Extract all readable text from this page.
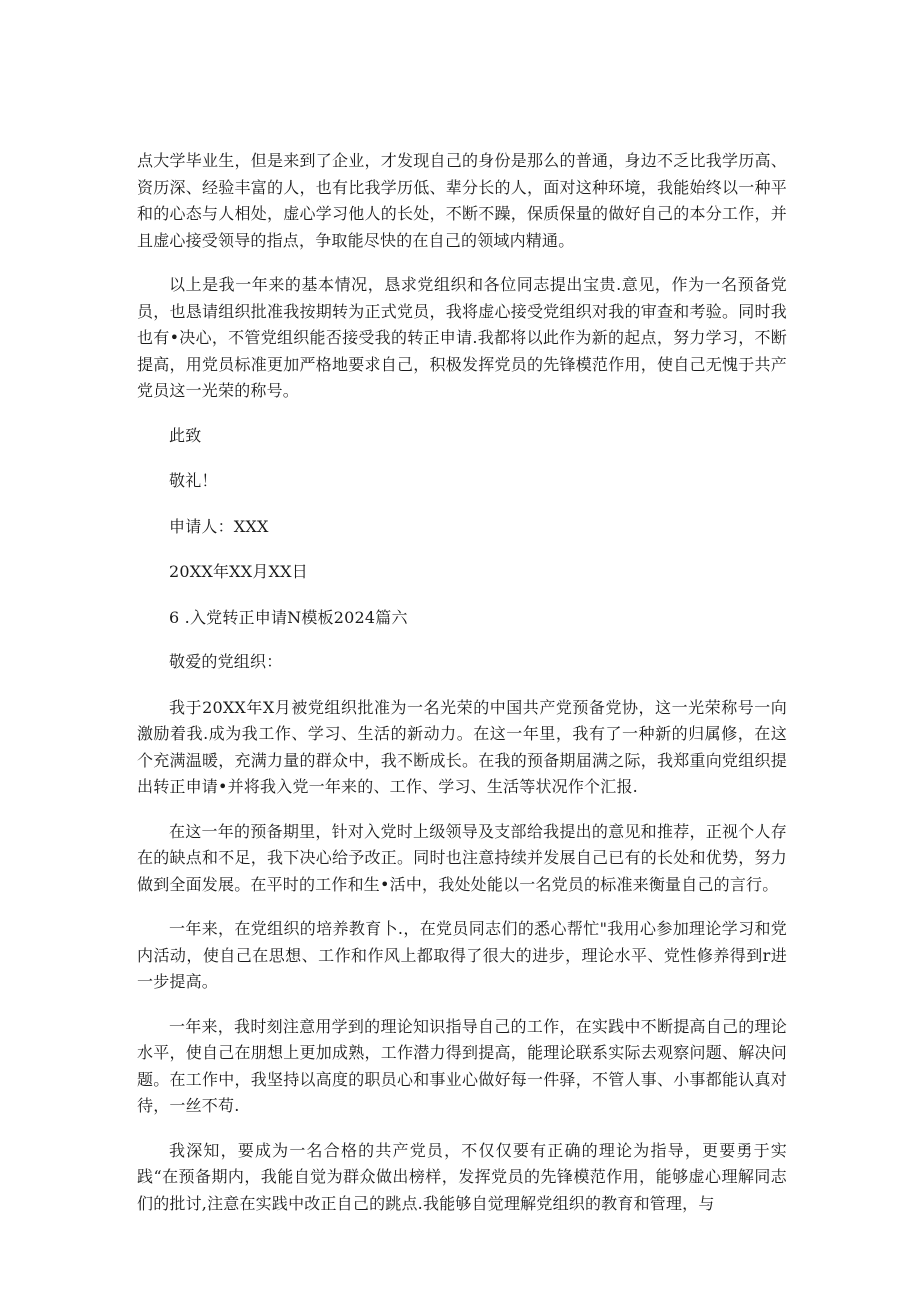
点大学毕业生，但是来到了企业，才发现自己的身份是那么的普通，身边不乏比我学历高、资历深、经验丰富的人，也有比我学历低、辈分长的人，面对这种环境，我能始终以一种平和的心态与人相处，虚心学习他人的长处，不断不躁，保质保量的做好自己的本分工作，并且虚心接受领导的指点，争取能尽快的在自己的领域内精通。

以上是我一年来的基本情况，恳求党组织和各位同志提出宝贵.意见，作为一名预备党员，也恳请组织批准我按期转为正式党员，我将虚心接受党组织对我的审查和考验。同时我也有•决心，不管党组织能否接受我的转正申请.我都将以此作为新的起点，努力学习，不断提高，用党员标准更加严格地要求自己，积极发挥党员的先锋模范作用，使自己无愧于共产党员这一光荣的称号。

此致

敬礼！

申请人：XXX

20XX年XX月XX日

6 .入党转正申请N模板2024篇六

敬爱的党组织：

我于20XX年X月被党组织批准为一名光荣的中国共产党预备党协，这一光荣称号一向激励着我.成为我工作、学习、生活的新动力。在这一年里，我有了一种新的归属修，在这个充满温暖，充满力量的群众中，我不断成长。在我的预备期届满之际，我郑重向党组织提出转正申请•并将我入党一年来的、工作、学习、生活等状况作个汇报.

在这一年的预备期里，针对入党时上级领导及支部给我提出的意见和推荐，正视个人存在的缺点和不足，我下决心给予改正。同时也注意持续并发展自己已有的长处和优势，努力做到全面发展。在平时的工作和生•活中，我处处能以一名党员的标准来衡量自己的言行。

一年来，在党组织的培养教育卜.，在党员同志们的悉心帮忙"我用心参加理论学习和党内活动，使自己在思想、工作和作风上都取得了很大的进步，理论水平、党性修养得到r进一步提高。

一年来，我时刻注意用学到的理论知识指导自己的工作，在实践中不断提高自己的理论水平，使自己在朋想上更加成熟，工作潜力得到提高，能理论联系实际去观察问题、解决问题。在工作中，我坚持以高度的职员心和事业心做好每一件驿，不管人事、小事都能认真对待，一丝不苟.

我深知，要成为一名合格的共产党员，不仅仅要有正确的理论为指导，更要勇于实践“在预备期内，我能自觉为群众做出榜样，发挥党员的先锋模范作用，能够虚心理解同志们的批讨,注意在实践中改正自己的跳点.我能够自觉理解党组织的教育和管理，与
